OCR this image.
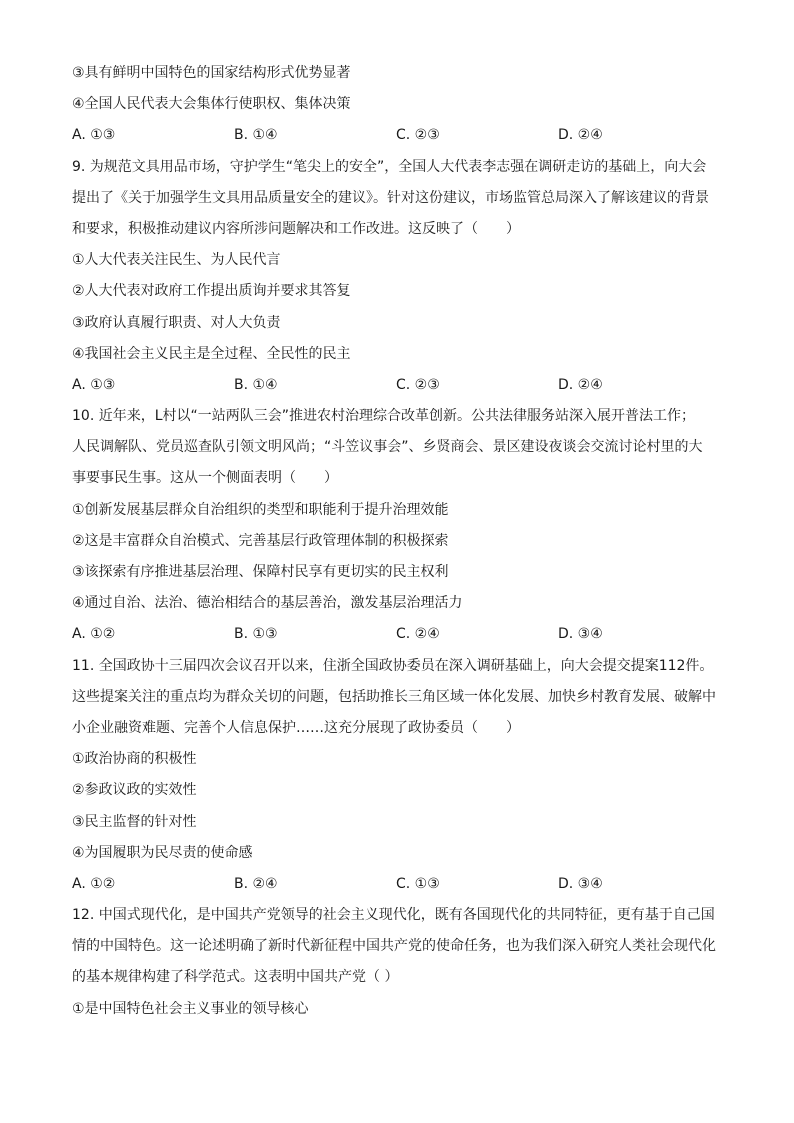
③具有鲜明中国特色的国家结构形式优势显著
④全国人民代表大会集体行使职权、集体决策
A. ①③	B. ①④	C. ②③	D. ②④
9. 为规范文具用品市场，守护学生“笔尖上的安全”，全国人大代表李志强在调研走访的基础上，向大会
提出了《关于加强学生文具用品质量安全的建议》。针对这份建议，市场监管总局深入了解该建议的背景
和要求，积极推动建议内容所涉问题解决和工作改进。这反映了（　　）
①人大代表关注民生、为人民代言
②人大代表对政府工作提出质询并要求其答复
③政府认真履行职责、对人大负责
④我国社会主义民主是全过程、全民性的民主
A. ①③	B. ①④	C. ②③	D. ②④
10. 近年来，L村以“一站两队三会”推进农村治理综合改革创新。公共法律服务站深入展开普法工作；
人民调解队、党员巡查队引领文明风尚；“斗笠议事会”、乡贤商会、景区建设夜谈会交流讨论村里的大
事要事民生事。这从一个侧面表明（　　）
①创新发展基层群众自治组织的类型和职能利于提升治理效能
②这是丰富群众自治模式、完善基层行政管理体制的积极探索
③该探索有序推进基层治理、保障村民享有更切实的民主权利
④通过自治、法治、德治相结合的基层善治，激发基层治理活力
A. ①②	B. ①③	C. ②④	D. ③④
11. 全国政协十三届四次会议召开以来，住浙全国政协委员在深入调研基础上，向大会提交提案112件。
这些提案关注的重点均为群众关切的问题，包括助推长三角区域一体化发展、加快乡村教育发展、破解中
小企业融资难题、完善个人信息保护……这充分展现了政协委员（　　）
①政治协商的积极性
②参政议政的实效性
③民主监督的针对性
④为国履职为民尽责的使命感
A. ①②	B. ②④	C. ①③	D. ③④
12. 中国式现代化，是中国共产党领导的社会主义现代化，既有各国现代化的共同特征，更有基于自己国
情的中国特色。这一论述明确了新时代新征程中国共产党的使命任务，也为我们深入研究人类社会现代化
的基本规律构建了科学范式。这表明中国共产党（ ）
①是中国特色社会主义事业的领导核心
